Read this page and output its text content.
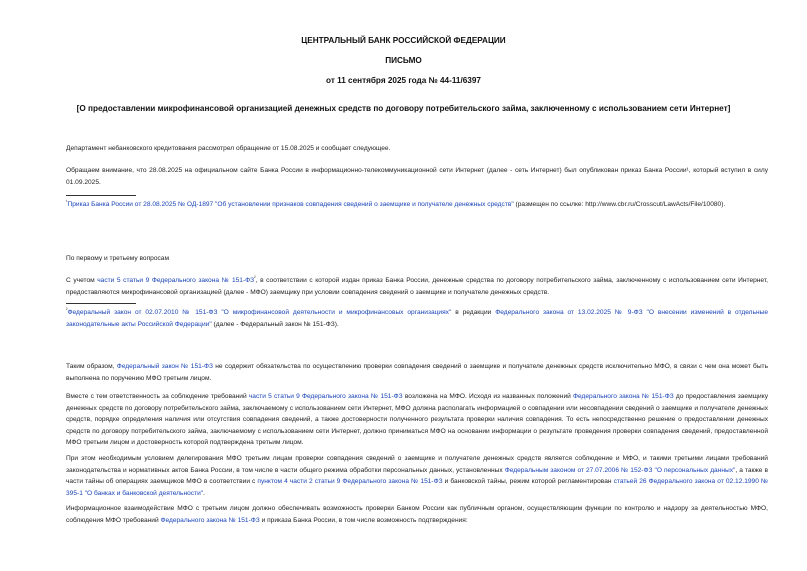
ЦЕНТРАЛЬНЫЙ БАНК РОССИЙСКОЙ ФЕДЕРАЦИИ
ПИСЬМО
от 11 сентября 2025 года № 44-11/6397
[О предоставлении микрофинансовой организацией денежных средств по договору потребительского займа, заключенному с использованием сети Интернет]
Департамент небанковского кредитования рассмотрел обращение от 15.08.2025 и сообщает следующее.
Обращаем внимание, что 28.08.2025 на официальном сайте Банка России в информационно-телекоммуникационной сети Интернет (далее - сеть Интернет) был опубликован приказ Банка России¹, который вступил в силу 01.09.2025.
$^{^1}$Приказ Банка России от 28.08.2025 № ОД-1897 "Об установлении признаков совпадения сведений о заемщике и получателе денежных средств" (размещен по ссылке: http://www.cbr.ru/Crosscut/LawActs/File/10080).
По первому и третьему вопросам
С учетом части 5 статьи 9 Федерального закона № $151-ФЗ^{^2}$, в соответствии с которой издан приказ Банка России, денежные средства по договору потребительского займа, заключенному с использованием сети Интернет, предоставляются микрофинансовой организацией (далее - МФО) заемщику при условии совпадения сведений о заемщике и получателе денежных средств.
$^{^2}$Федеральный закон от 02.07.2010 № 151-ФЗ "О микрофинансовой деятельности и микрофинансовых организациях" в редакции Федерального закона от 13.02.2025 № 9-ФЗ "О внесении изменений в отдельные законодательные акты Российской Федерации" (далее - Федеральный закон № 151-ФЗ).
Таким образом, Федеральный закон № 151-ФЗ не содержит обязательства по осуществлению проверки совпадения сведений о заемщике и получателе денежных средств исключительно МФО, в связи с чем она может быть выполнена по поручению МФО третьим лицом.
Вместе с тем ответственность за соблюдение требований части 5 статьи 9 Федерального закона № 151-ФЗ возложена на МФО. Исходя из названных положений Федерального закона № 151-ФЗ до предоставления заемщику денежных средств по договору потребительского займа, заключаемому с использованием сети Интернет, МФО должна располагать информацией о совпадении или несовпадении сведений о заемщике и получателе денежных средств, порядке определения наличия или отсутствия совпадения сведений, а также достоверности полученного результата проверки наличия совпадения. То есть непосредственно решение о предоставлении денежных средств по договору потребительского займа, заключаемому с использованием сети Интернет, должно приниматься МФО на основании информации о результате проведения проверки совпадения сведений, предоставленной МФО третьим лицом и достоверность которой подтверждена третьим лицом.
При этом необходимым условием делегирования МФО третьим лицам проверки совпадения сведений о заемщике и получателе денежных средств является соблюдение и МФО, и такими третьими лицами требований законодательства и нормативных актов Банка России, в том числе в части общего режима обработки персональных данных, установленных Федеральным законом от 27.07.2006 № 152-ФЗ "О персональных данных", а также в части тайны об операциях заемщиков МФО в соответствии с пунктом 4 части 2 статьи 9 Федерального закона № 151-ФЗ и банковской тайны, режим которой регламентирован статьей 26 Федерального закона от 02.12.1990 № 395-1 "О банках и банковской деятельности".
Информационное взаимодействие МФО с третьим лицом должно обеспечивать возможность проверки Банком России как публичным органом, осуществляющим функции по контролю и надзору за деятельностью МФО, соблюдения МФО требований Федерального закона № 151-ФЗ и приказа Банка России, в том числе возможность подтверждения:
